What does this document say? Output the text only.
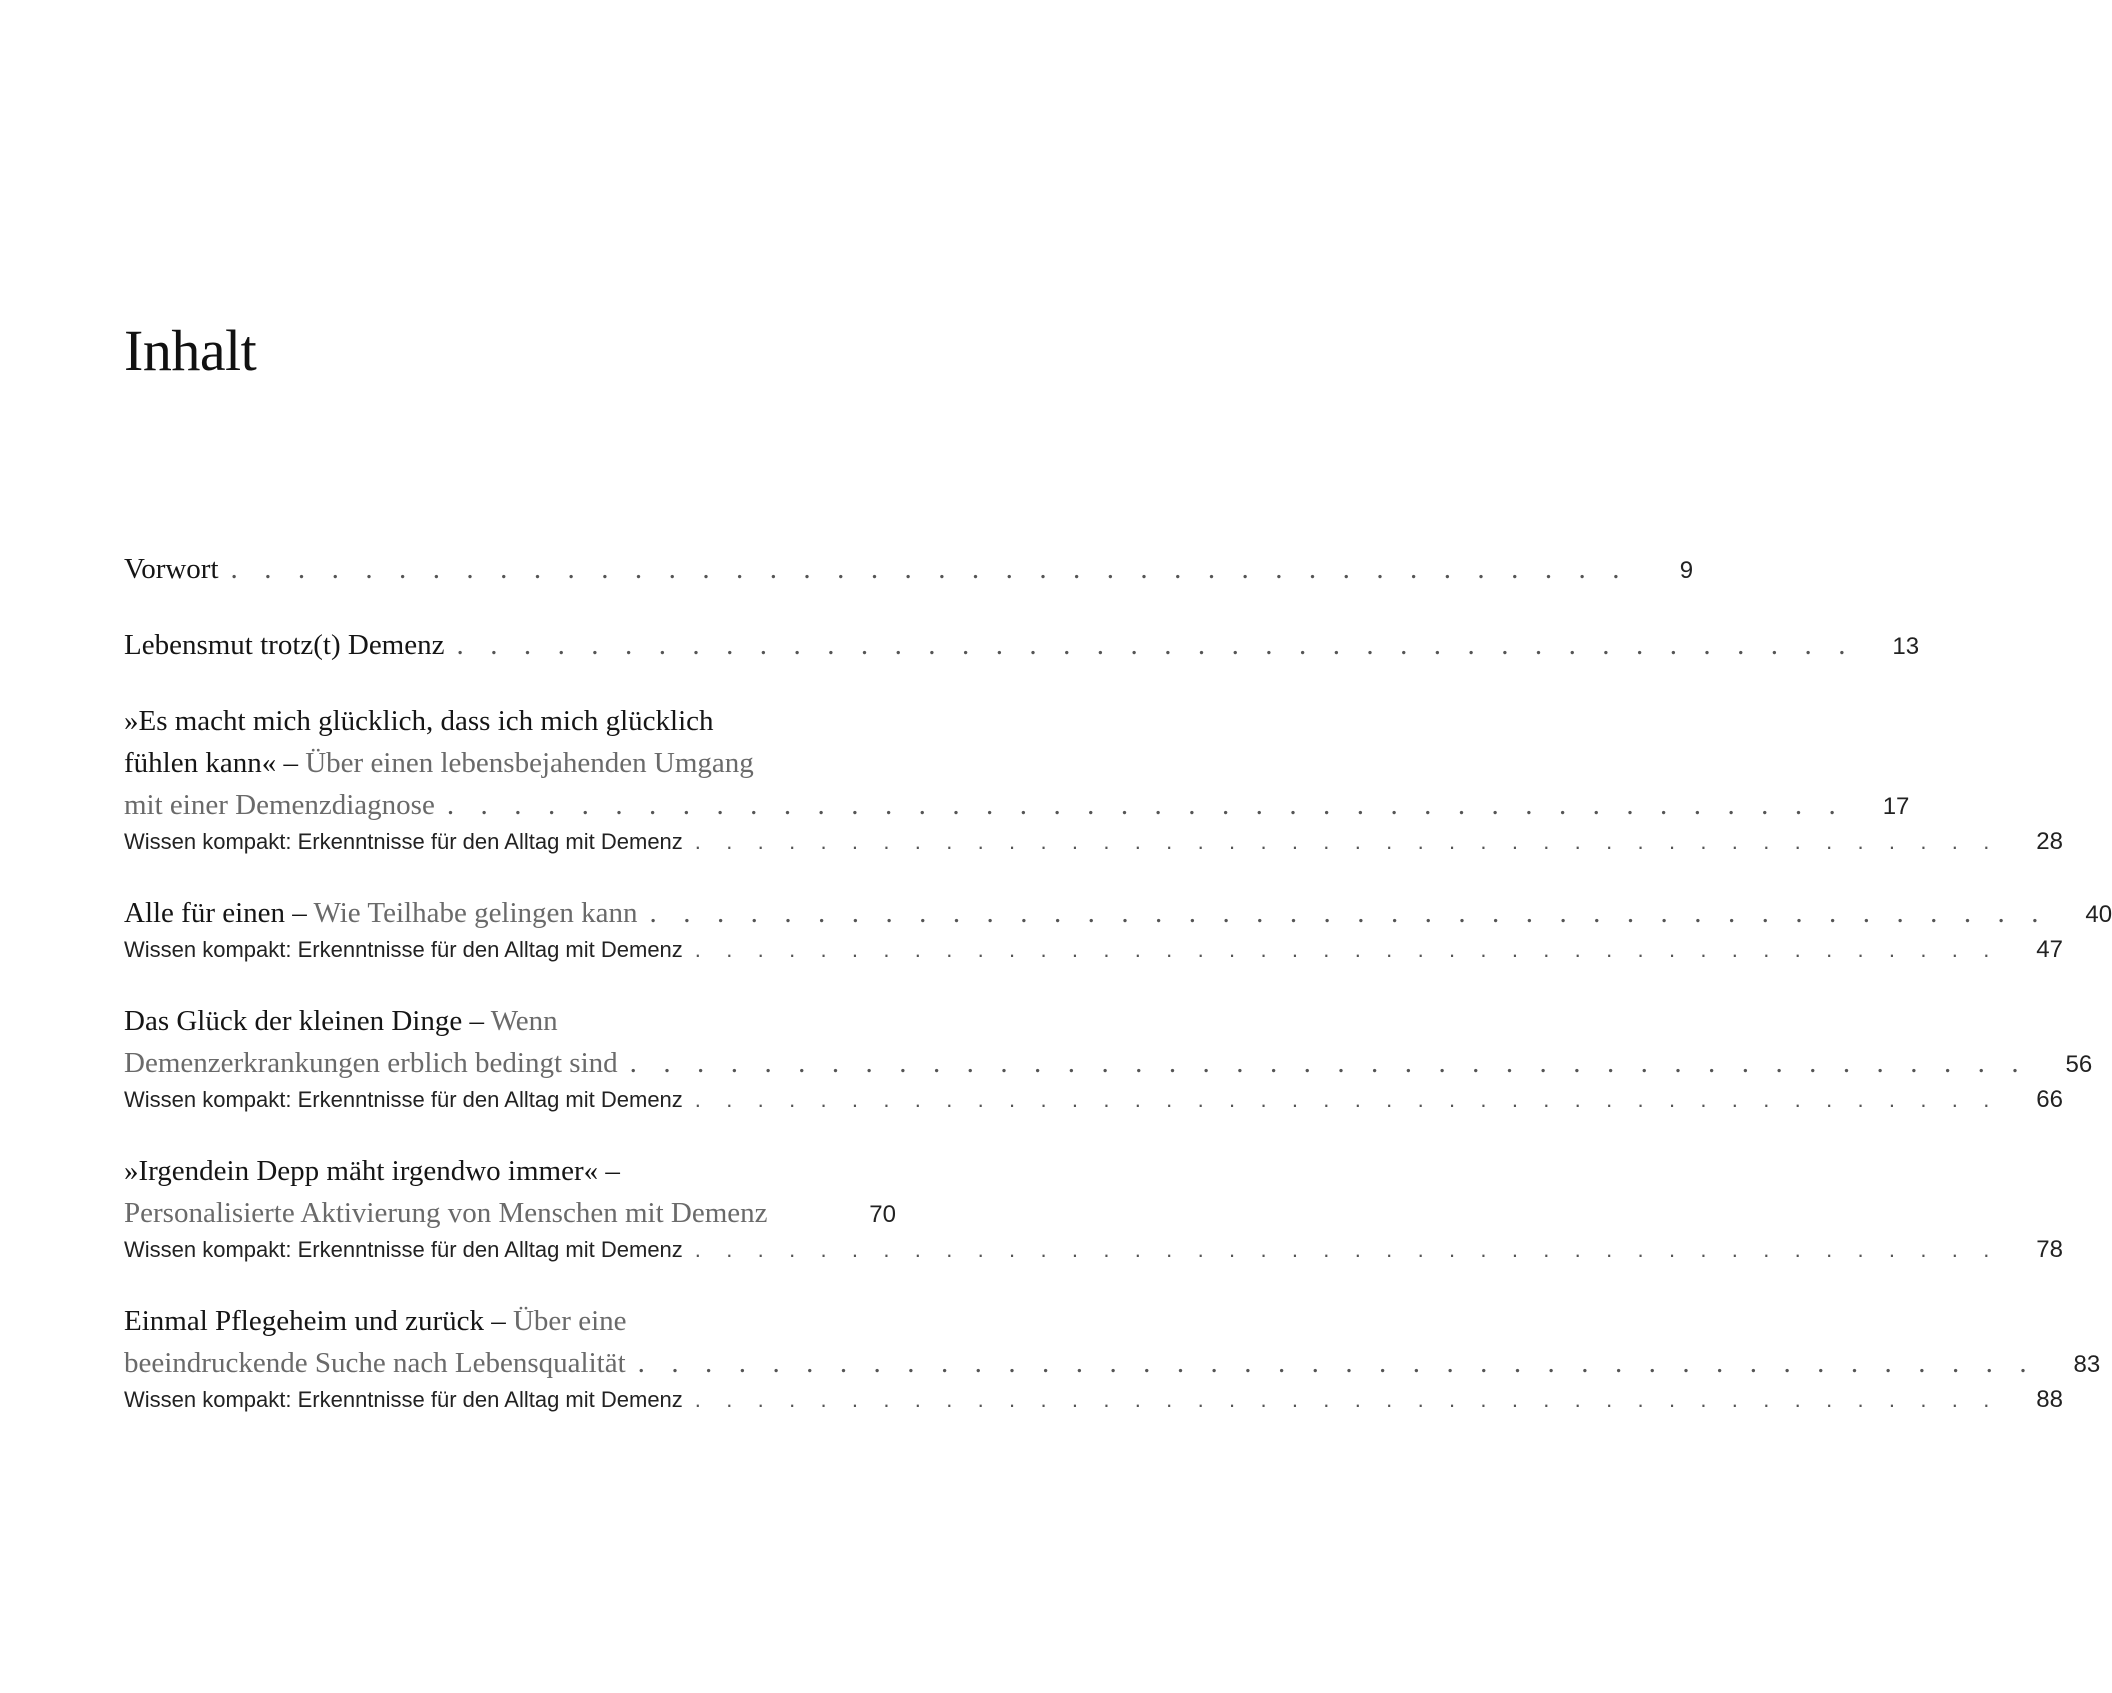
Inhalt
Vorwort . . . . . . . . . . . . . . . . . . . . . . . . . . . . . . . . . . . . . . . . . .	9
Lebensmut trotz(t) Demenz . . . . . . . . . . . . . . . . . . . . . . . . . . . . . . . . . . . . . . . . . .	13
»Es macht mich glücklich, dass ich mich glücklich
fühlen kann« – Über einen lebensbejahenden Umgang
mit einer Demenzdiagnose . . . . . . . . . . . . . . . . . . . . . . . . . . . . . . . . . . . . . . . . . .	17
Wissen kompakt: Erkenntnisse für den Alltag mit Demenz . . . . . . . . . . . . . . . . . . . . . . . . . . . . . . . . . . . . . . . . . .	28
Alle für einen – Wie Teilhabe gelingen kann . . . . . . . . . . . . . . . . . . . . . . . . . . . . . . . . . . . . . . . . . .	40
Wissen kompakt: Erkenntnisse für den Alltag mit Demenz . . . . . . . . . . . . . . . . . . . . . . . . . . . . . . . . . . . . . . . . . .	47
Das Glück der kleinen Dinge – Wenn
Demenzerkrankungen erblich bedingt sind . . . . . . . . . . . . . . . . . . . . . . . . . . . . . . . . . . . . . . . . . .	56
Wissen kompakt: Erkenntnisse für den Alltag mit Demenz . . . . . . . . . . . . . . . . . . . . . . . . . . . . . . . . . . . . . . . . . .	66
»Irgendein Depp mäht irgendwo immer« –
Personalisierte Aktivierung von Menschen mit Demenz	70
Wissen kompakt: Erkenntnisse für den Alltag mit Demenz . . . . . . . . . . . . . . . . . . . . . . . . . . . . . . . . . . . . . . . . . .	78
Einmal Pflegeheim und zurück – Über eine
beeindruckende Suche nach Lebensqualität . . . . . . . . . . . . . . . . . . . . . . . . . . . . . . . . . . . . . . . . . .	83
Wissen kompakt: Erkenntnisse für den Alltag mit Demenz . . . . . . . . . . . . . . . . . . . . . . . . . . . . . . . . . . . . . . . . . .	88
